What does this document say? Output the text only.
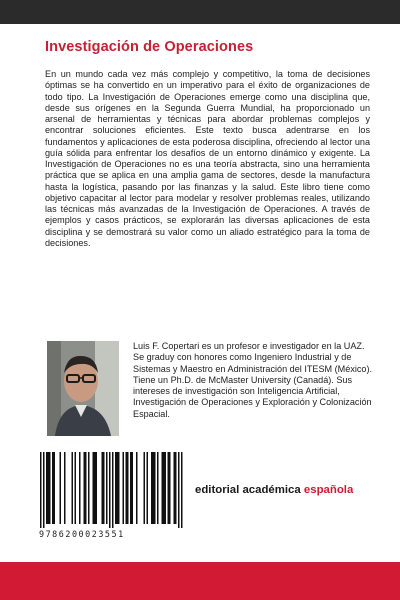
Investigación de Operaciones

En un mundo cada vez más complejo y competitivo, la toma de decisiones óptimas se ha convertido en un imperativo para el éxito de organizaciones de todo tipo. La Investigación de Operaciones emerge como una disciplina que, desde sus orígenes en la Segunda Guerra Mundial, ha proporcionado un arsenal de herramientas y técnicas para abordar problemas complejos y encontrar soluciones eficientes. Este texto busca adentrarse en los fundamentos y aplicaciones de esta poderosa disciplina, ofreciendo al lector una guía sólida para enfrentar los desafíos de un entorno dinámico y exigente. La Investigación de Operaciones no es una teoría abstracta, sino una herramienta práctica que se aplica en una amplia gama de sectores, desde la manufactura hasta la logística, pasando por las finanzas y la salud. Este libro tiene como objetivo capacitar al lector para modelar y resolver problemas reales, utilizando las técnicas más avanzadas de la Investigación de Operaciones. A través de ejemplos y casos prácticos, se explorarán las diversas aplicaciones de esta disciplina y se demostrará su valor como un aliado estratégico para la toma de decisiones.

Luis F. Copertari es un profesor e investigador en la UAZ. Se graduy con honores como Ingeniero Industrial y de Sistemas y Maestro en Administración del ITESM (México). Tiene un Ph.D. de McMaster University (Canadá). Sus intereses de investigación son Inteligencia Artificial, Investigación de Operaciones y Exploración y Colonización Espacial.

9786200023551
editorial académica española
